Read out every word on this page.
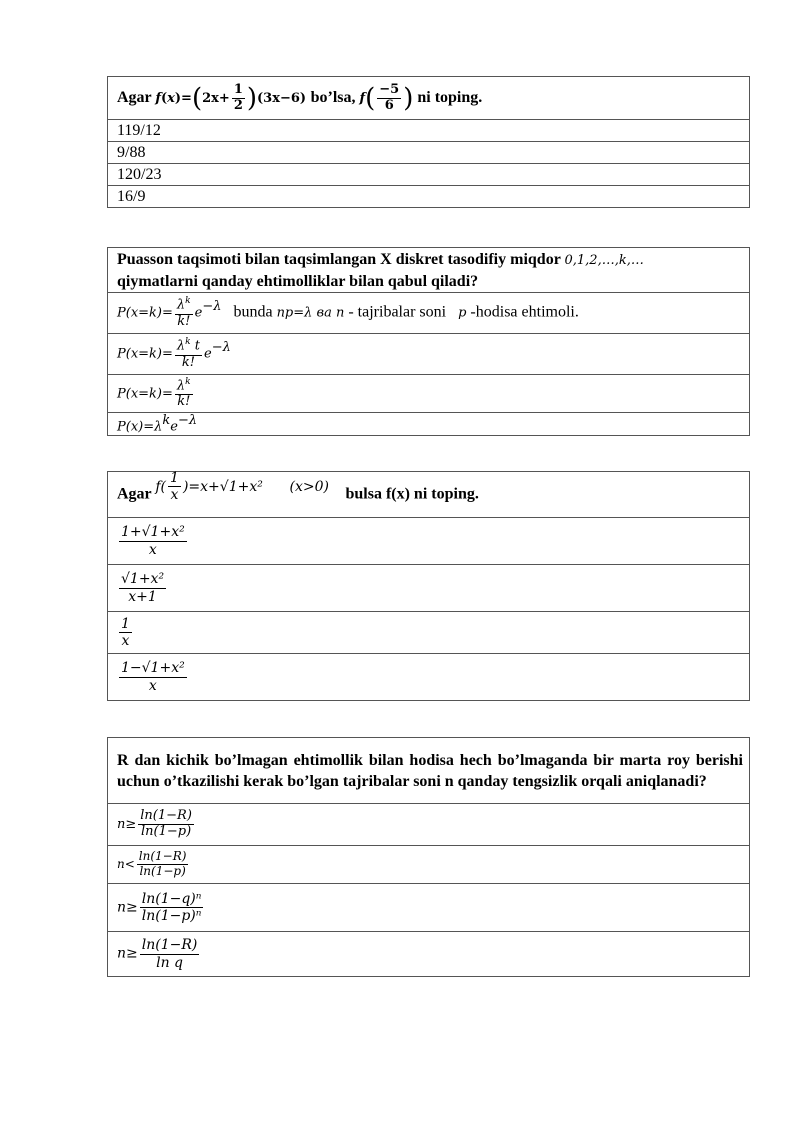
Agar $f(x)=(2x+ \frac{1}{2} )(3x-6)$ bo’lsa, $f( \frac{-5}{6}$ ) ni toping.
119/12
9/88
120/23
16/9
Puasson taqsimoti bilan taqsimlangan X diskret tasodifiy miqdor 0,1,2,…,k,…
qiymatlarni qanday ehtimolliklar bilan qabul qiladi?
$P(x=k)= \frac{\lambda^k}{k!} e^{-\lambda}$ bunda np=λ ва n - tajribalar soni p -hodisa ehtimoli.
$P(x=k)= \frac{\lambda^k t}{k!} e^{-\lambda}$
$P(x=k)= \frac{\lambda^k}{k!}$

$P(x)=\lambda^ke^{-\lambda}$
Agar $f( \frac{1}{x} )=x+√1+x^2$ (x>0) bulsa f(x) ni toping.

$\frac{\text{1+√1+x²}}{x}$

$\frac{\text{√1+x²}}{x+1}$

$\frac{1}{x}$

$\frac{\text{1−√1+x²}}{x}$
R dan kichik bo’lmagan ehtimollik bilan hodisa hech bo’lmaganda bir marta roy berishi uchun o’tkazilishi kerak bo’lgan tajribalar soni n qanday tengsizlik orqali aniqlanadi?
$n\ge \frac{\ln(1-R)}{\ln(1-p)}$

$n< \frac{\ln(1-R)}{\ln(1-p)}$

$n\ge \frac{\text{ln(1−q)ⁿ}}{\text{ln(1−p)ⁿ}}$

$n\ge \frac{\ln(1-R)}{\text{ln q}}$
